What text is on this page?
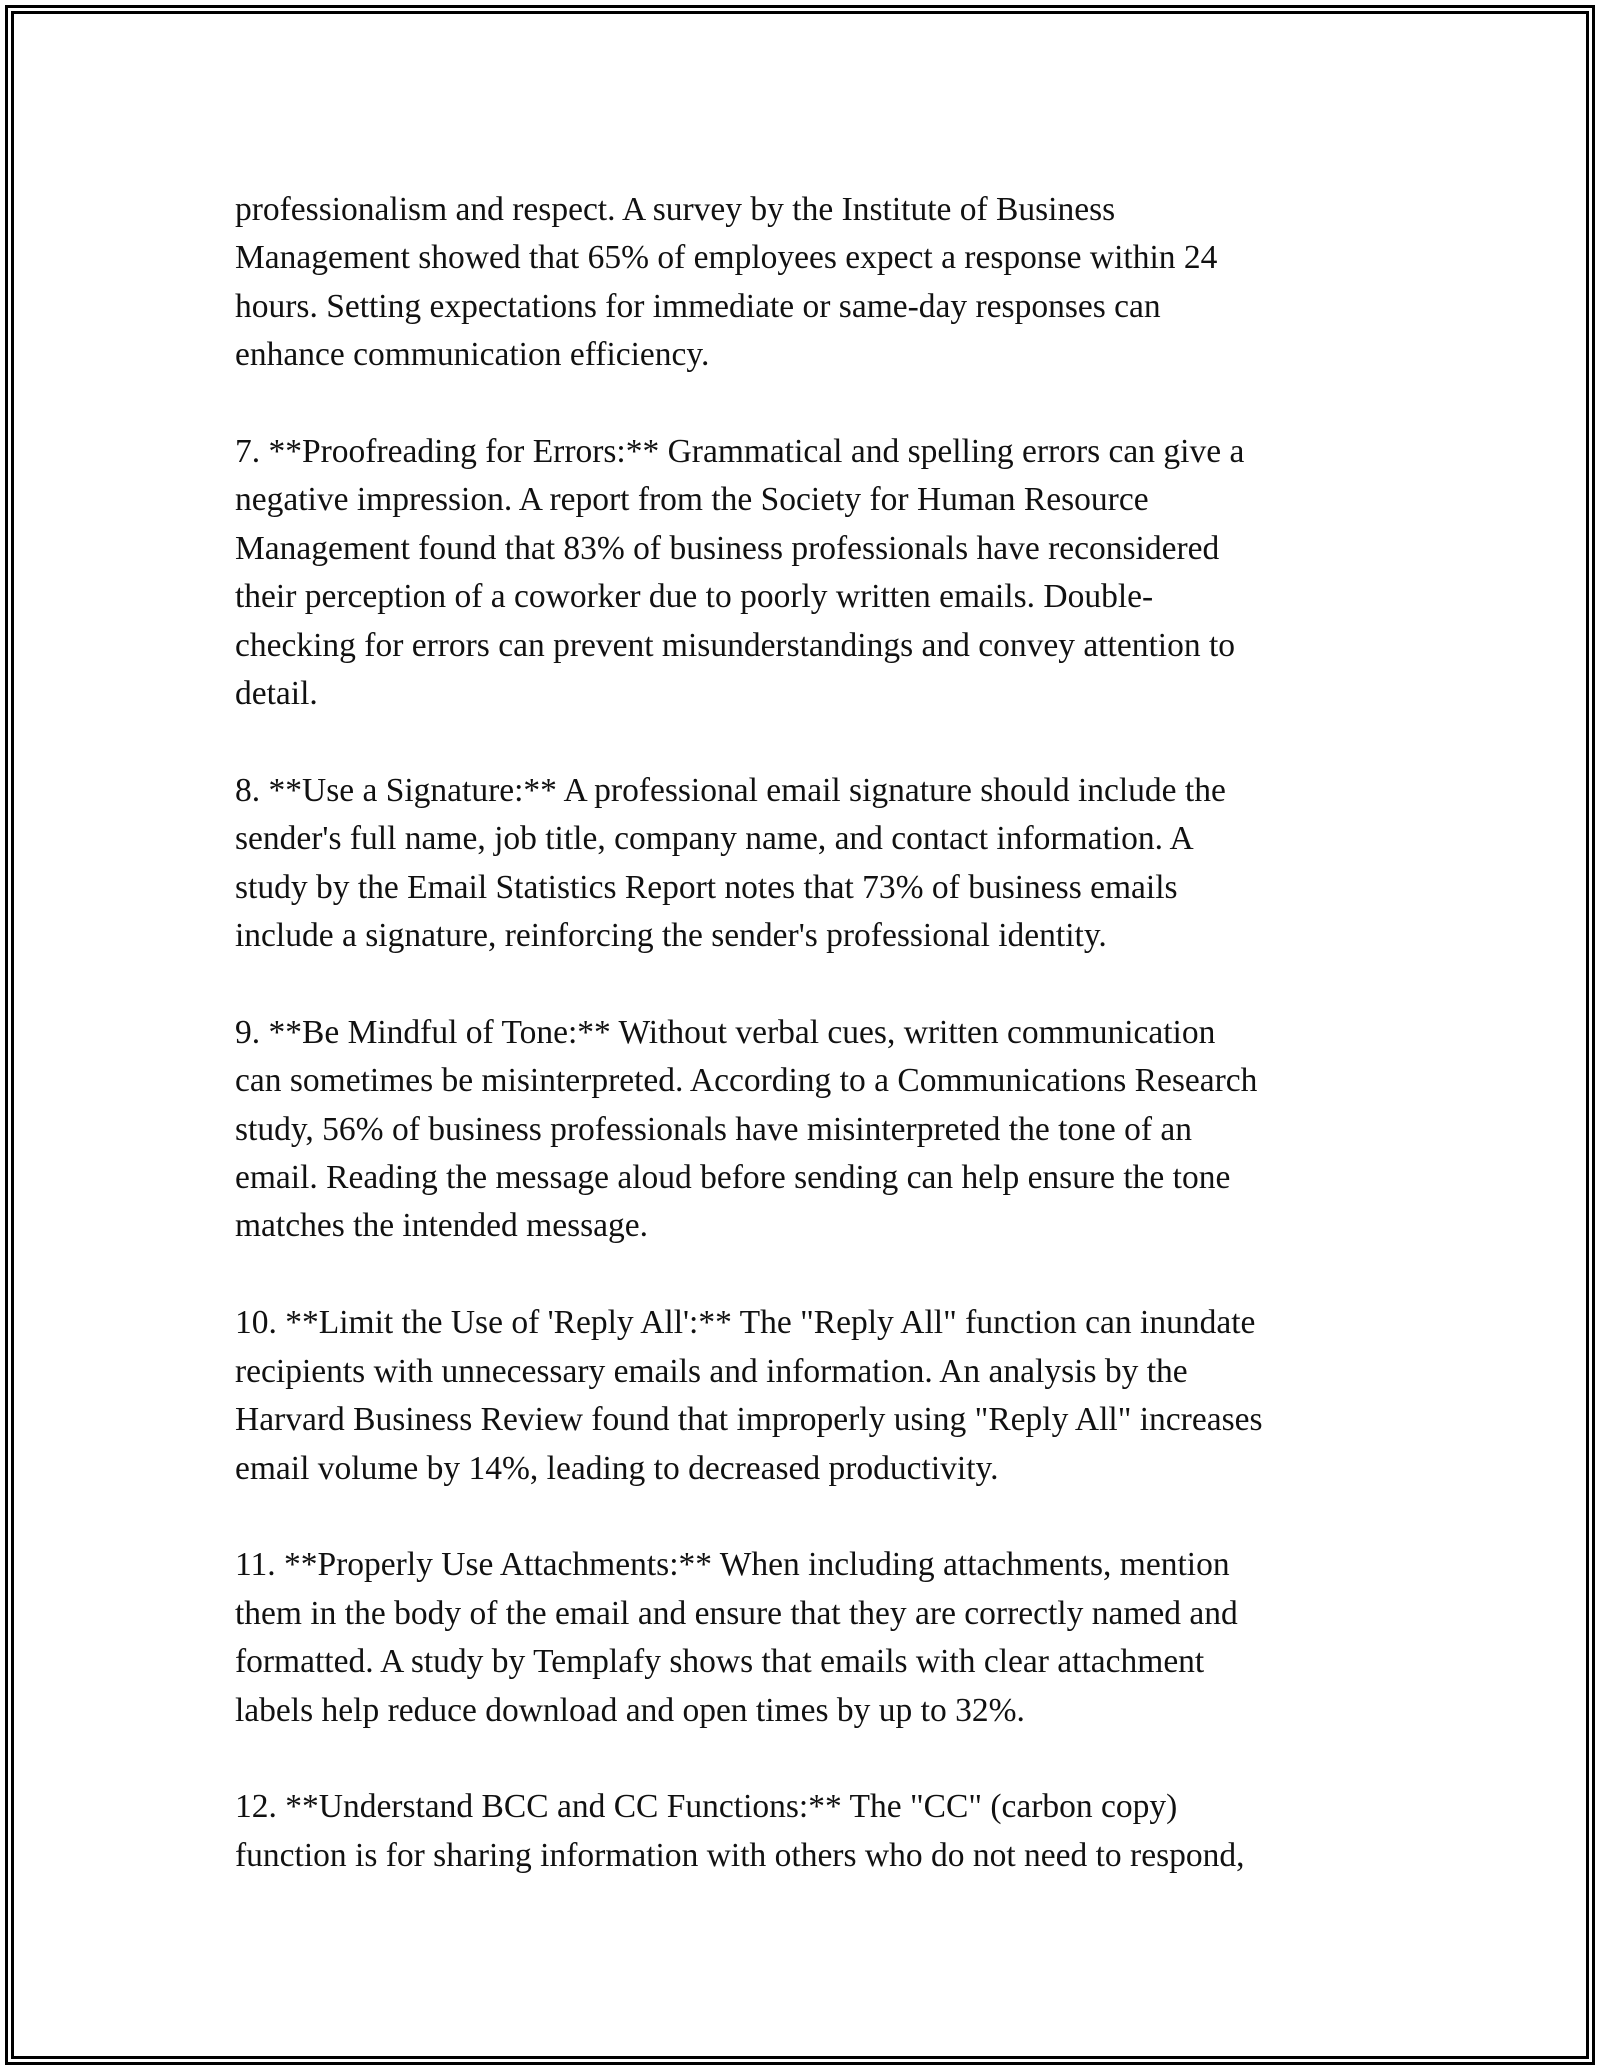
professionalism and respect. A survey by the Institute of Business
Management showed that 65% of employees expect a response within 24
hours. Setting expectations for immediate or same-day responses can
enhance communication efficiency.

7. **Proofreading for Errors:** Grammatical and spelling errors can give a
negative impression. A report from the Society for Human Resource
Management found that 83% of business professionals have reconsidered
their perception of a coworker due to poorly written emails. Double-
checking for errors can prevent misunderstandings and convey attention to
detail.

8. **Use a Signature:** A professional email signature should include the
sender's full name, job title, company name, and contact information. A
study by the Email Statistics Report notes that 73% of business emails
include a signature, reinforcing the sender's professional identity.

9. **Be Mindful of Tone:** Without verbal cues, written communication
can sometimes be misinterpreted. According to a Communications Research
study, 56% of business professionals have misinterpreted the tone of an
email. Reading the message aloud before sending can help ensure the tone
matches the intended message.

10. **Limit the Use of 'Reply All':** The "Reply All" function can inundate
recipients with unnecessary emails and information. An analysis by the
Harvard Business Review found that improperly using "Reply All" increases
email volume by 14%, leading to decreased productivity.

11. **Properly Use Attachments:** When including attachments, mention
them in the body of the email and ensure that they are correctly named and
formatted. A study by Templafy shows that emails with clear attachment
labels help reduce download and open times by up to 32%.

12. **Understand BCC and CC Functions:** The "CC" (carbon copy)
function is for sharing information with others who do not need to respond,
